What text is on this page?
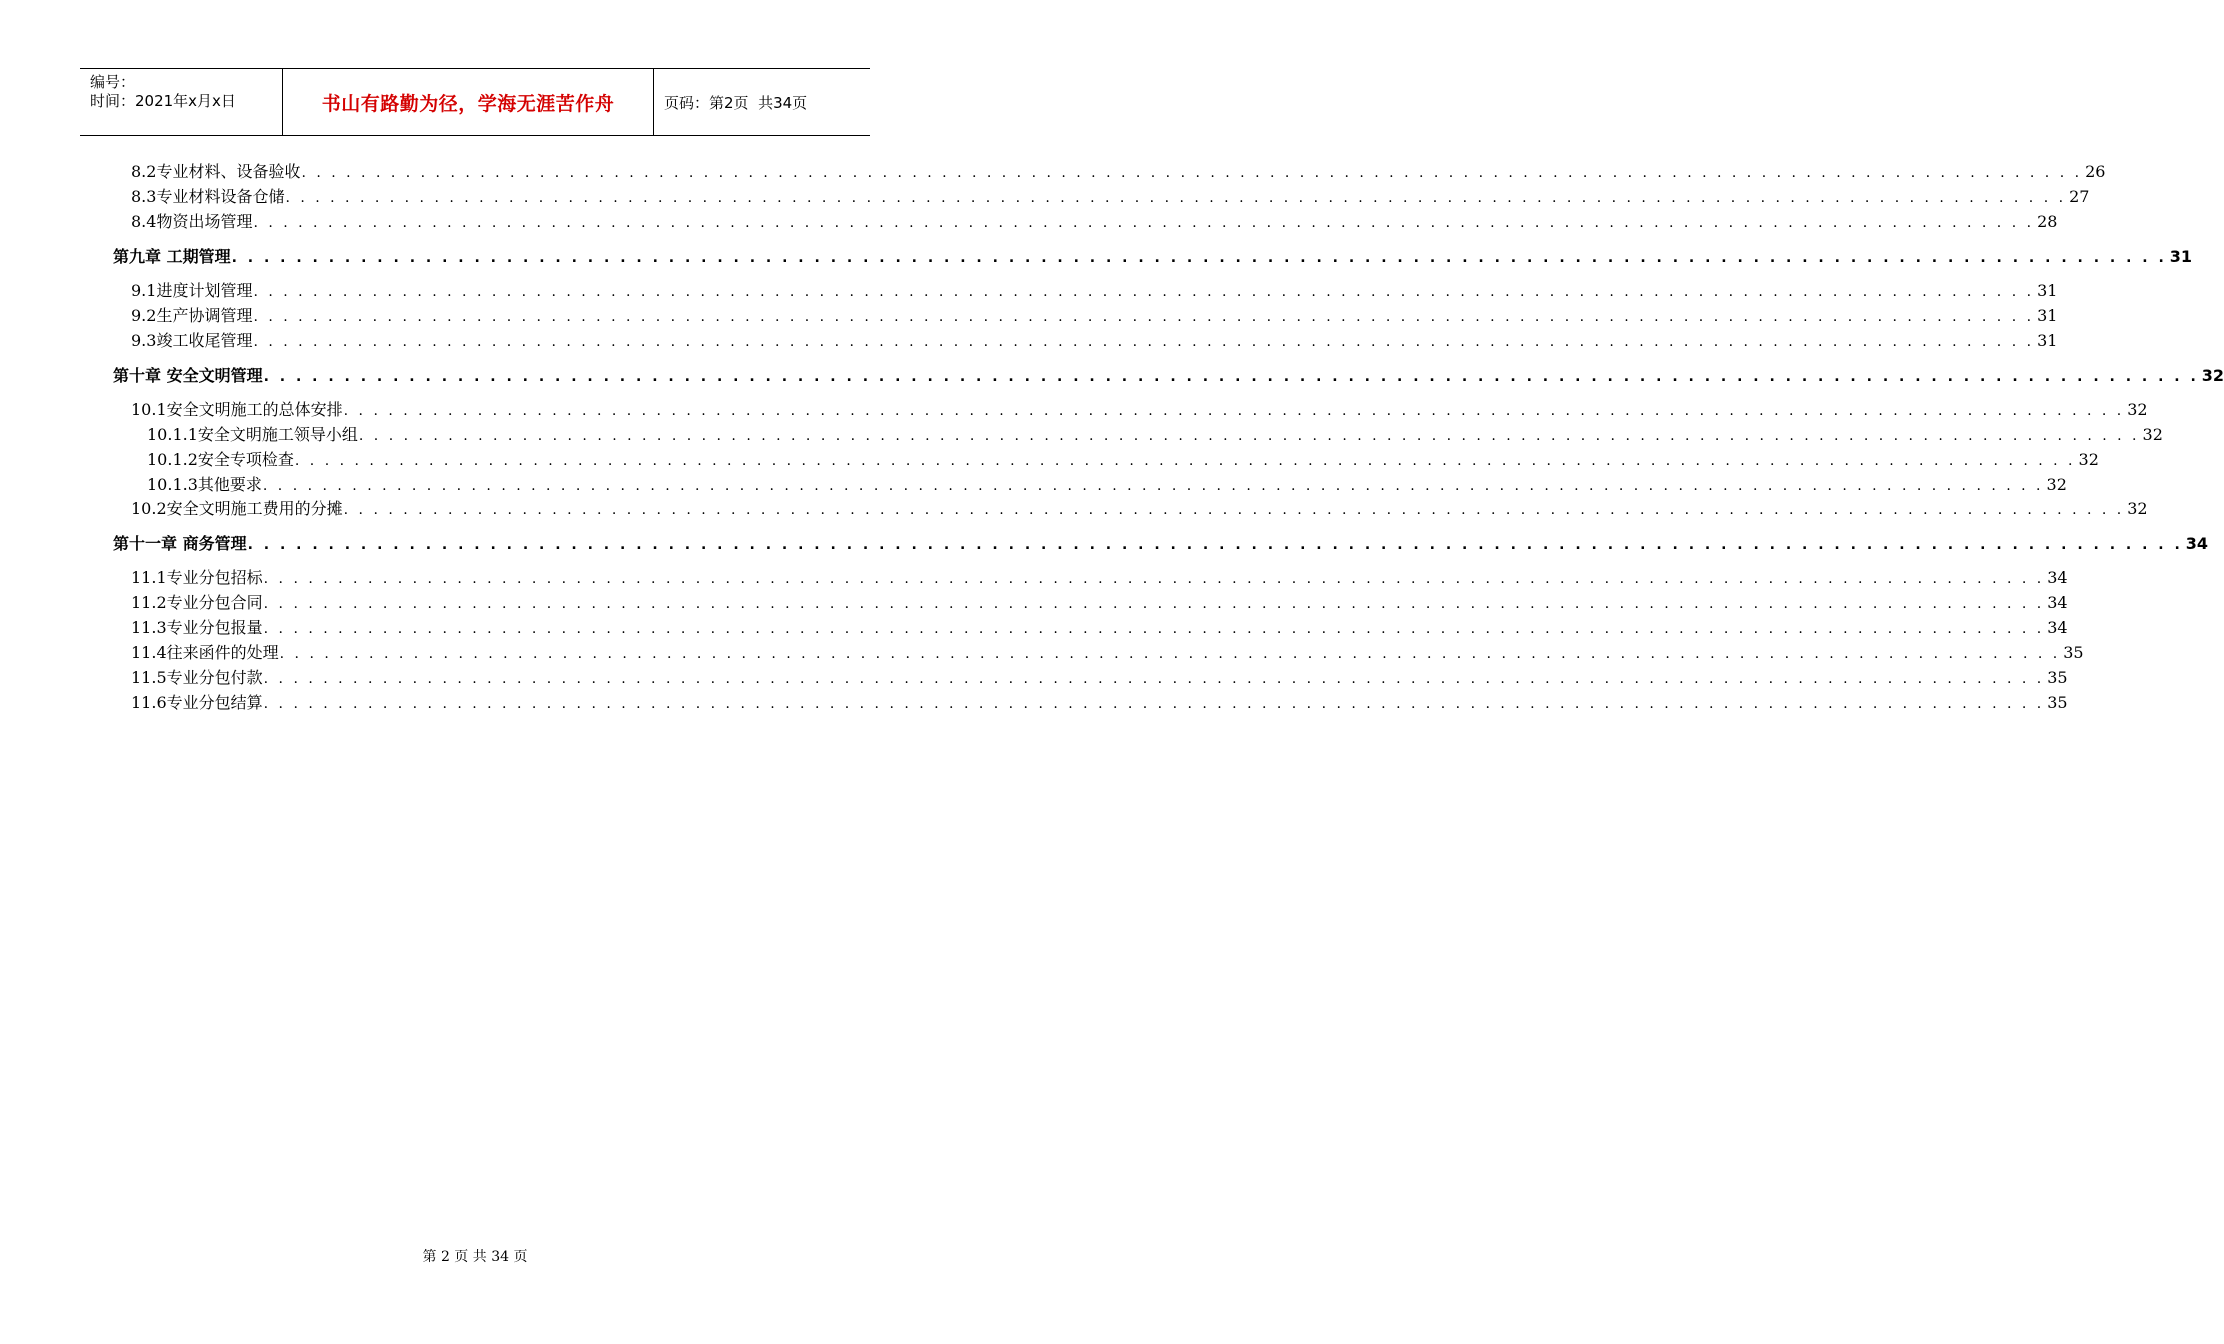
编号：
时间：2021年x月x日	书山有路勤为径，学海无涯苦作舟	页码：第2页  共34页
8.2专业材料、设备验收 . . . . . . . . . . . . . . . . . . . . . . . . . . . . . . . . . . . . . . . . . . . . . . . . . . . . . . . . . . . . . . . . . . . . . . . . . . . . . . . . . . . . . . . . . . . . . . . . . . . . . . . . . . . . . . . . . . . . . . . . 26
8.3专业材料设备仓储 . . . . . . . . . . . . . . . . . . . . . . . . . . . . . . . . . . . . . . . . . . . . . . . . . . . . . . . . . . . . . . . . . . . . . . . . . . . . . . . . . . . . . . . . . . . . . . . . . . . . . . . . . . . . . . . . . . . . . . . . 27
8.4物资出场管理 . . . . . . . . . . . . . . . . . . . . . . . . . . . . . . . . . . . . . . . . . . . . . . . . . . . . . . . . . . . . . . . . . . . . . . . . . . . . . . . . . . . . . . . . . . . . . . . . . . . . . . . . . . . . . . . . . . . . . . . . 28
第九章 工期管理 . . . . . . . . . . . . . . . . . . . . . . . . . . . . . . . . . . . . . . . . . . . . . . . . . . . . . . . . . . . . . . . . . . . . . . . . . . . . . . . . . . . . . . . . . . . . . . . . . . . . . . . . . . . . . . . . . . . . . . . . 31
9.1进度计划管理 . . . . . . . . . . . . . . . . . . . . . . . . . . . . . . . . . . . . . . . . . . . . . . . . . . . . . . . . . . . . . . . . . . . . . . . . . . . . . . . . . . . . . . . . . . . . . . . . . . . . . . . . . . . . . . . . . . . . . . . . 31
9.2生产协调管理 . . . . . . . . . . . . . . . . . . . . . . . . . . . . . . . . . . . . . . . . . . . . . . . . . . . . . . . . . . . . . . . . . . . . . . . . . . . . . . . . . . . . . . . . . . . . . . . . . . . . . . . . . . . . . . . . . . . . . . . . 31
9.3竣工收尾管理 . . . . . . . . . . . . . . . . . . . . . . . . . . . . . . . . . . . . . . . . . . . . . . . . . . . . . . . . . . . . . . . . . . . . . . . . . . . . . . . . . . . . . . . . . . . . . . . . . . . . . . . . . . . . . . . . . . . . . . . . 31
第十章 安全文明管理 . . . . . . . . . . . . . . . . . . . . . . . . . . . . . . . . . . . . . . . . . . . . . . . . . . . . . . . . . . . . . . . . . . . . . . . . . . . . . . . . . . . . . . . . . . . . . . . . . . . . . . . . . . . . . . . . . . . . . . . . 32
10.1安全文明施工的总体安排 . . . . . . . . . . . . . . . . . . . . . . . . . . . . . . . . . . . . . . . . . . . . . . . . . . . . . . . . . . . . . . . . . . . . . . . . . . . . . . . . . . . . . . . . . . . . . . . . . . . . . . . . . . . . . . . . . . . . . . . . 32
10.1.1安全文明施工领导小组 . . . . . . . . . . . . . . . . . . . . . . . . . . . . . . . . . . . . . . . . . . . . . . . . . . . . . . . . . . . . . . . . . . . . . . . . . . . . . . . . . . . . . . . . . . . . . . . . . . . . . . . . . . . . . . . . . . . . . . . . 32
10.1.2安全专项检查 . . . . . . . . . . . . . . . . . . . . . . . . . . . . . . . . . . . . . . . . . . . . . . . . . . . . . . . . . . . . . . . . . . . . . . . . . . . . . . . . . . . . . . . . . . . . . . . . . . . . . . . . . . . . . . . . . . . . . . . . 32
10.1.3其他要求 . . . . . . . . . . . . . . . . . . . . . . . . . . . . . . . . . . . . . . . . . . . . . . . . . . . . . . . . . . . . . . . . . . . . . . . . . . . . . . . . . . . . . . . . . . . . . . . . . . . . . . . . . . . . . . . . . . . . . . . . 32
10.2安全文明施工费用的分摊 . . . . . . . . . . . . . . . . . . . . . . . . . . . . . . . . . . . . . . . . . . . . . . . . . . . . . . . . . . . . . . . . . . . . . . . . . . . . . . . . . . . . . . . . . . . . . . . . . . . . . . . . . . . . . . . . . . . . . . . . 32
第十一章 商务管理 . . . . . . . . . . . . . . . . . . . . . . . . . . . . . . . . . . . . . . . . . . . . . . . . . . . . . . . . . . . . . . . . . . . . . . . . . . . . . . . . . . . . . . . . . . . . . . . . . . . . . . . . . . . . . . . . . . . . . . . . 34
11.1专业分包招标 . . . . . . . . . . . . . . . . . . . . . . . . . . . . . . . . . . . . . . . . . . . . . . . . . . . . . . . . . . . . . . . . . . . . . . . . . . . . . . . . . . . . . . . . . . . . . . . . . . . . . . . . . . . . . . . . . . . . . . . . 34
11.2专业分包合同 . . . . . . . . . . . . . . . . . . . . . . . . . . . . . . . . . . . . . . . . . . . . . . . . . . . . . . . . . . . . . . . . . . . . . . . . . . . . . . . . . . . . . . . . . . . . . . . . . . . . . . . . . . . . . . . . . . . . . . . . 34
11.3专业分包报量 . . . . . . . . . . . . . . . . . . . . . . . . . . . . . . . . . . . . . . . . . . . . . . . . . . . . . . . . . . . . . . . . . . . . . . . . . . . . . . . . . . . . . . . . . . . . . . . . . . . . . . . . . . . . . . . . . . . . . . . . 34
11.4往来函件的处理 . . . . . . . . . . . . . . . . . . . . . . . . . . . . . . . . . . . . . . . . . . . . . . . . . . . . . . . . . . . . . . . . . . . . . . . . . . . . . . . . . . . . . . . . . . . . . . . . . . . . . . . . . . . . . . . . . . . . . . . . 35
11.5专业分包付款 . . . . . . . . . . . . . . . . . . . . . . . . . . . . . . . . . . . . . . . . . . . . . . . . . . . . . . . . . . . . . . . . . . . . . . . . . . . . . . . . . . . . . . . . . . . . . . . . . . . . . . . . . . . . . . . . . . . . . . . . 35
11.6专业分包结算 . . . . . . . . . . . . . . . . . . . . . . . . . . . . . . . . . . . . . . . . . . . . . . . . . . . . . . . . . . . . . . . . . . . . . . . . . . . . . . . . . . . . . . . . . . . . . . . . . . . . . . . . . . . . . . . . . . . . . . . . 35
第 2 页 共 34 页
